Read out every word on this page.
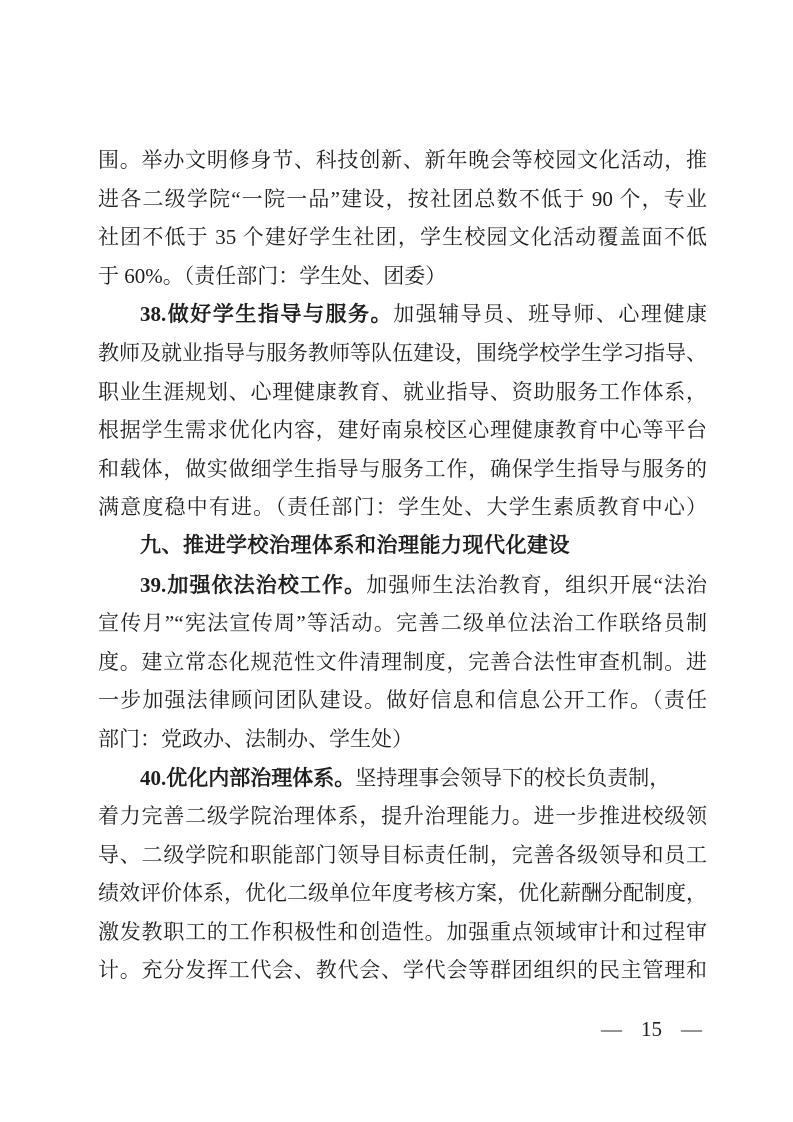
围。举办文明修身节、科技创新、新年晚会等校园文化活动，推
进各二级学院“一院一品”建设，按社团总数不低于 90 个，专业
社团不低于 35 个建好学生社团，学生校园文化活动覆盖面不低
于 60%。（责任部门：学生处、团委）
38.做好学生指导与服务。加强辅导员、班导师、心理健康
教师及就业指导与服务教师等队伍建设，围绕学校学生学习指导、
职业生涯规划、心理健康教育、就业指导、资助服务工作体系，
根据学生需求优化内容，建好南泉校区心理健康教育中心等平台
和载体，做实做细学生指导与服务工作，确保学生指导与服务的
满意度稳中有进。（责任部门：学生处、大学生素质教育中心）
九、推进学校治理体系和治理能力现代化建设
39.加强依法治校工作。加强师生法治教育，组织开展“法治
宣传月”“宪法宣传周”等活动。完善二级单位法治工作联络员制
度。建立常态化规范性文件清理制度，完善合法性审查机制。进
一步加强法律顾问团队建设。做好信息和信息公开工作。（责任
部门：党政办、法制办、学生处）
40.优化内部治理体系。坚持理事会领导下的校长负责制，
着力完善二级学院治理体系，提升治理能力。进一步推进校级领
导、二级学院和职能部门领导目标责任制，完善各级领导和员工
绩效评价体系，优化二级单位年度考核方案，优化薪酬分配制度，
激发教职工的工作积极性和创造性。加强重点领域审计和过程审
计。充分发挥工代会、教代会、学代会等群团组织的民主管理和
— 15 —
